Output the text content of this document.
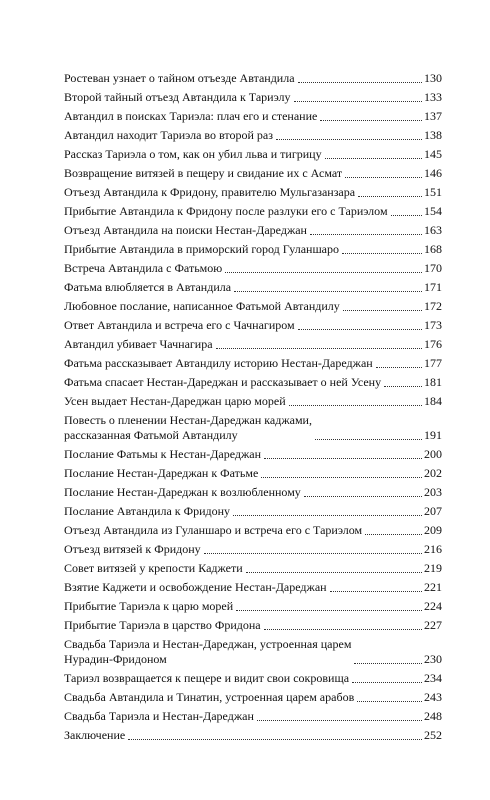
Ростеван узнает о тайном отъезде Автандила	130
Второй тайный отъезд Автандила к Тариэлу	133
Автандил в поисках Тариэла: плач его и стенание	137
Автандил находит Тариэла во второй раз	138
Рассказ Тариэла о том, как он убил льва и тигрицу	145
Возвращение витязей в пещеру и свидание их с Асмат	146
Отъезд Автандила к Фридону, правителю Мульгазанзара	151
Прибытие Автандила к Фридону после разлуки его с Тариэлом	154
Отъезд Автандила на поиски Нестан-Дареджан	163
Прибытие Автандила в приморский город Гуланшаро	168
Встреча Автандила с Фатьмою	170
Фатьма влюбляется в Автандила	171
Любовное послание, написанное Фатьмой Автандилу	172
Ответ Автандила и встреча его с Чачнагиром	173
Автандил убивает Чачнагира	176
Фатьма рассказывает Автандилу историю Нестан-Дареджан	177
Фатьма спасает Нестан-Дареджан и рассказывает о ней Усену	181
Усен выдает Нестан-Дареджан царю морей	184
Повесть о пленении Нестан-Дареджан каджами,
рассказанная Фатьмой Автандилу	191
Послание Фатьмы к Нестан-Дареджан	200
Послание Нестан-Дареджан к Фатьме	202
Послание Нестан-Дареджан к возлюбленному	203
Послание Автандила к Фридону	207
Отъезд Автандила из Гуланшаро и встреча его с Тариэлом	209
Отъезд витязей к Фридону	216
Совет витязей у крепости Каджети	219
Взятие Каджети и освобождение Нестан-Дареджан	221
Прибытие Тариэла к царю морей	224
Прибытие Тариэла в царство Фридона	227
Свадьба Тариэла и Нестан-Дареджан, устроенная царем
Нурадин-Фридоном	230
Тариэл возвращается к пещере и видит свои сокровища	234
Свадьба Автандила и Тинатин, устроенная царем арабов	243
Свадьба Тариэла и Нестан-Дареджан	248
Заключение	252
